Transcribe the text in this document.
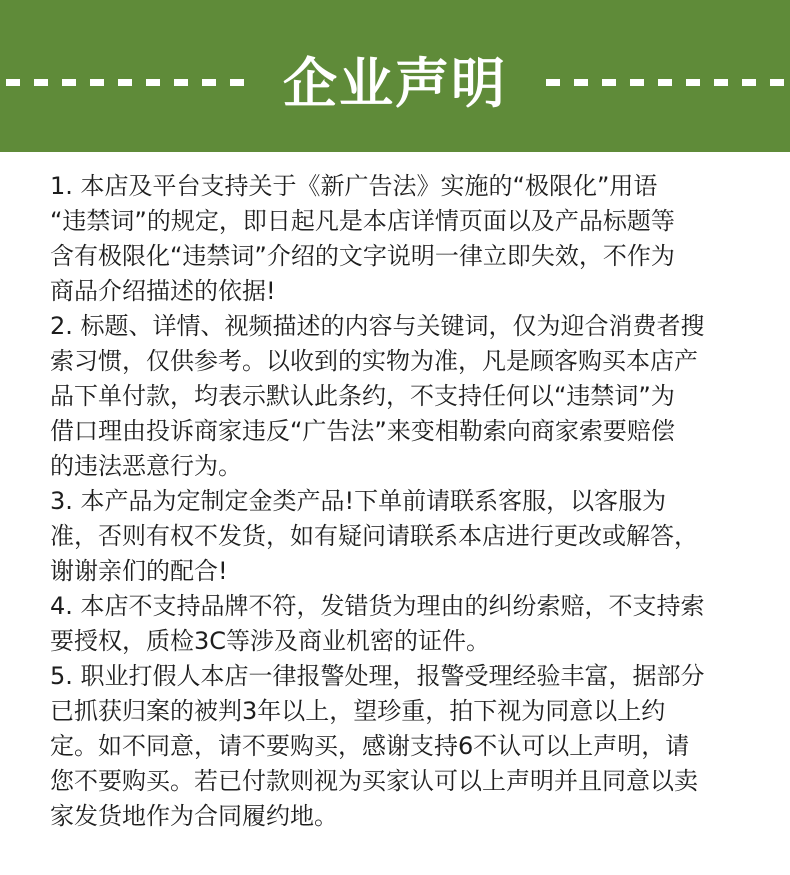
企业声明
1. 本店及平台支持关于《新广告法》实施的“极限化”用语
“违禁词”的规定，即日起凡是本店详情页面以及产品标题等
含有极限化“违禁词”介绍的文字说明一律立即失效，不作为
商品介绍描述的依据!
2. 标题、详情、视频描述的内容与关键词，仅为迎合消费者搜
索习惯，仅供参考。以收到的实物为准，凡是顾客购买本店产
品下单付款，均表示默认此条约，不支持任何以“违禁词”为
借口理由投诉商家违反“广告法”来变相勒索向商家索要赔偿
的违法恶意行为。
3. 本产品为定制定金类产品!下单前请联系客服，以客服为
准，否则有权不发货，如有疑问请联系本店进行更改或解答，
谢谢亲们的配合!
4. 本店不支持品牌不符，发错货为理由的纠纷索赔，不支持索
要授权，质检3C等涉及商业机密的证件。
5. 职业打假人本店一律报警处理，报警受理经验丰富，据部分
已抓获归案的被判3年以上，望珍重，拍下视为同意以上约
定。如不同意，请不要购买，感谢支持6不认可以上声明，请
您不要购买。若已付款则视为买家认可以上声明并且同意以卖
家发货地作为合同履约地。
